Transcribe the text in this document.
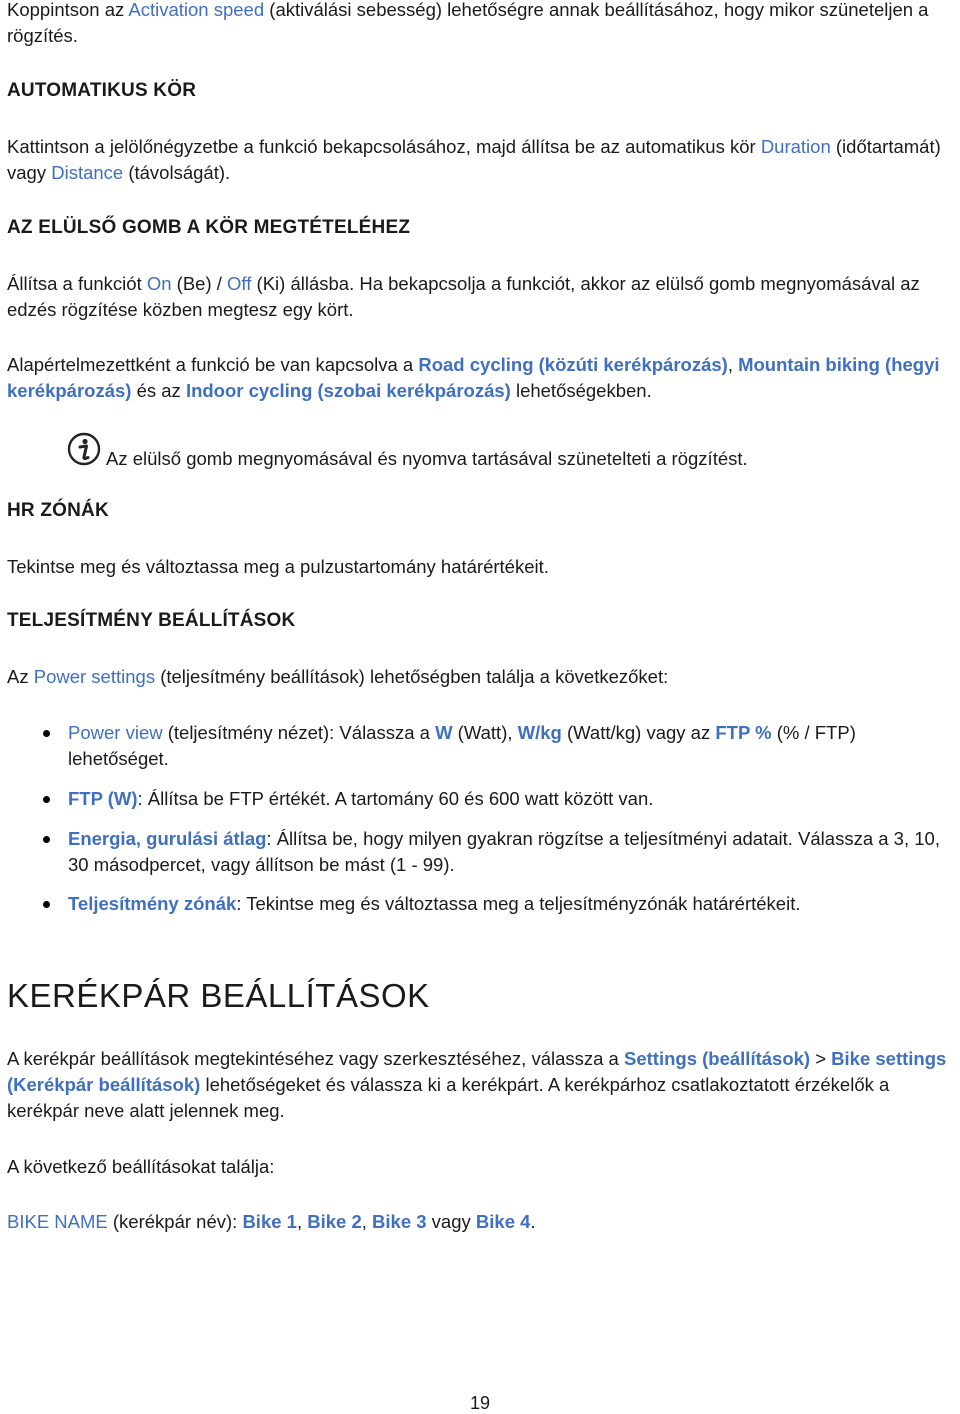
Koppintson az Activation speed (aktiválási sebesség) lehetőségre annak beállításához, hogy mikor szüneteljen a rögzítés.
AUTOMATIKUS KÖR
Kattintson a jelölőnégyzetbe a funkció bekapcsolásához, majd állítsa be az automatikus kör Duration (időtartamát) vagy Distance (távolságát).
AZ ELÜLSŐ GOMB A KÖR MEGTÉTELÉHEZ
Állítsa a funkciót On (Be) / Off (Ki) állásba. Ha bekapcsolja a funkciót, akkor az elülső gomb megnyomásával az edzés rögzítése közben megtesz egy kört.
Alapértelmezettként a funkció be van kapcsolva a Road cycling (közúti kerékpározás), Mountain biking (hegyi kerékpározás) és az Indoor cycling (szobai kerékpározás) lehetőségekben.
Az elülső gomb megnyomásával és nyomva tartásával szünetelteti a rögzítést.
HR ZÓNÁK
Tekintse meg és változtassa meg a pulzustartomány határértékeit.
TELJESÍTMÉNY BEÁLLÍTÁSOK
Az Power settings (teljesítmény beállítások) lehetőségben találja a következőket:
Power view (teljesítmény nézet): Válassza a W (Watt), W/kg (Watt/kg) vagy az FTP % (% / FTP) lehetőséget.
FTP (W): Állítsa be FTP értékét. A tartomány 60 és 600 watt között van.
Energia, gurulási átlag: Állítsa be, hogy milyen gyakran rögzítse a teljesítményi adatait. Válassza a 3, 10, 30 másodpercet, vagy állítson be mást (1 - 99).
Teljesítmény zónák: Tekintse meg és változtassa meg a teljesítményzónák határértékeit.
KERÉKPÁR BEÁLLÍTÁSOK
A kerékpár beállítások megtekintéséhez vagy szerkesztéséhez, válassza a Settings (beállítások) > Bike settings (Kerékpár beállítások) lehetőségeket és válassza ki a kerékpárt. A kerékpárhoz csatlakoztatott érzékelők a kerékpár neve alatt jelennek meg.
A következő beállításokat találja:
BIKE NAME (kerékpár név): Bike 1, Bike 2, Bike 3 vagy Bike 4.
19
